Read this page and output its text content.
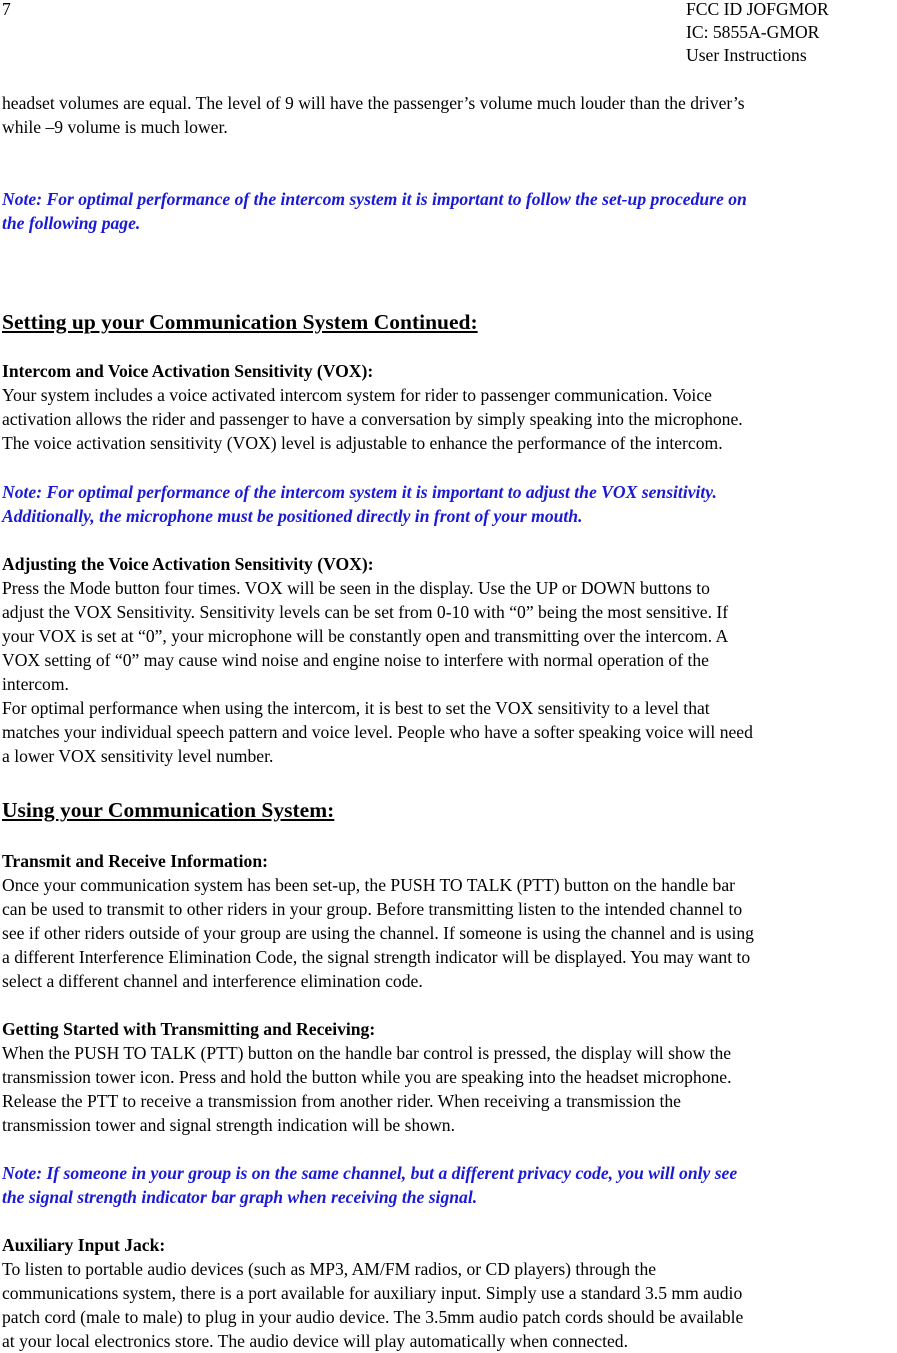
7	FCC ID JOFGMOR
IC: 5855A-GMOR
User Instructions
headset volumes are equal. The level of 9 will have the passenger’s volume much louder than the driver’s
while –9 volume is much lower.
Note: For optimal performance of the intercom system it is important to follow the set-up procedure on
the following page.
Setting up your Communication System Continued:
Intercom and Voice Activation Sensitivity (VOX):
Your system includes a voice activated intercom system for rider to passenger communication. Voice
activation allows the rider and passenger to have a conversation by simply speaking into the microphone.
The voice activation sensitivity (VOX) level is adjustable to enhance the performance of the intercom.
Note: For optimal performance of the intercom system it is important to adjust the VOX sensitivity.
Additionally, the microphone must be positioned directly in front of your mouth.
Adjusting the Voice Activation Sensitivity (VOX):
Press the Mode button four times. VOX will be seen in the display. Use the UP or DOWN buttons to
adjust the VOX Sensitivity. Sensitivity levels can be set from 0-10 with “0” being the most sensitive. If
your VOX is set at “0”, your microphone will be constantly open and transmitting over the intercom. A
VOX setting of “0” may cause wind noise and engine noise to interfere with normal operation of the
intercom.
For optimal performance when using the intercom, it is best to set the VOX sensitivity to a level that
matches your individual speech pattern and voice level. People who have a softer speaking voice will need
a lower VOX sensitivity level number.
Using your Communication System:
Transmit and Receive Information:
Once your communication system has been set-up, the PUSH TO TALK (PTT) button on the handle bar
can be used to transmit to other riders in your group. Before transmitting listen to the intended channel to
see if other riders outside of your group are using the channel. If someone is using the channel and is using
a different Interference Elimination Code, the signal strength indicator will be displayed. You may want to
select a different channel and interference elimination code.
Getting Started with Transmitting and Receiving:
When the PUSH TO TALK (PTT) button on the handle bar control is pressed, the display will show the
transmission tower icon. Press and hold the button while you are speaking into the headset microphone.
Release the PTT to receive a transmission from another rider. When receiving a transmission the
transmission tower and signal strength indication will be shown.
Note: If someone in your group is on the same channel, but a different privacy code, you will only see
the signal strength indicator bar graph when receiving the signal.
Auxiliary Input Jack:
To listen to portable audio devices (such as MP3, AM/FM radios, or CD players) through the
communications system, there is a port available for auxiliary input. Simply use a standard 3.5 mm audio
patch cord (male to male) to plug in your audio device. The 3.5mm audio patch cords should be available
at your local electronics store. The audio device will play automatically when connected.
